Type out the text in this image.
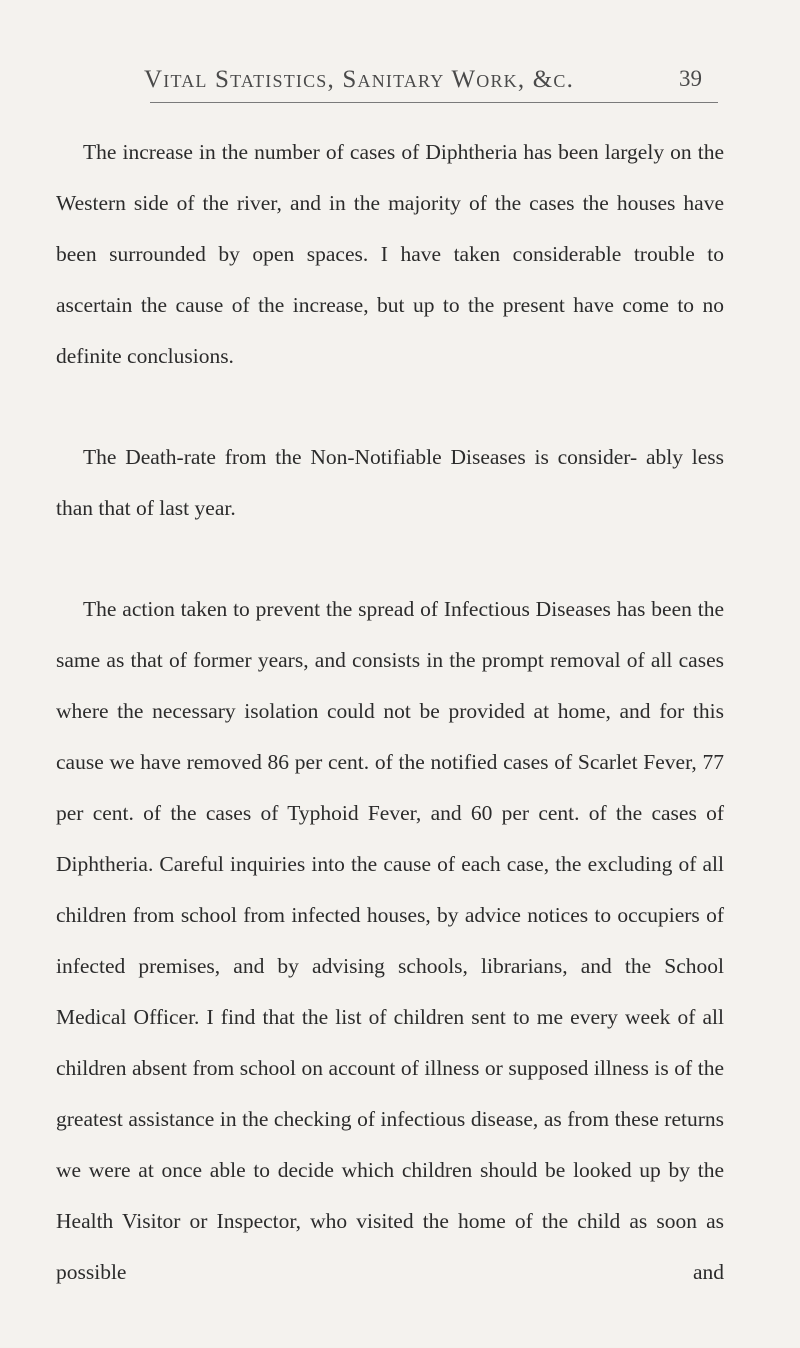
Vital Statistics, Sanitary Work, &c.	39

The increase in the number of cases of Diphtheria has been largely on the Western side of the river, and in the majority of the cases the houses have been surrounded by open spaces. I have taken considerable trouble to ascertain the cause of the increase, but up to the present have come to no definite conclusions.

The Death-rate from the Non-Notifiable Diseases is consider- ably less than that of last year.

The action taken to prevent the spread of Infectious Diseases has been the same as that of former years, and consists in the prompt removal of all cases where the necessary isolation could not be provided at home, and for this cause we have removed 86 per cent. of the notified cases of Scarlet Fever, 77 per cent. of the cases of Typhoid Fever, and 60 per cent. of the cases of Diphtheria. Careful inquiries into the cause of each case, the excluding of all children from school from infected houses, by advice notices to occupiers of infected premises, and by advising schools, librarians, and the School Medical Officer. I find that the list of children sent to me every week of all children absent from school on account of illness or supposed illness is of the greatest assistance in the checking of infectious disease, as from these returns we were at once able to decide which children should be looked up by the Health Visitor or Inspector, who visited the home of the child as soon as possible and
